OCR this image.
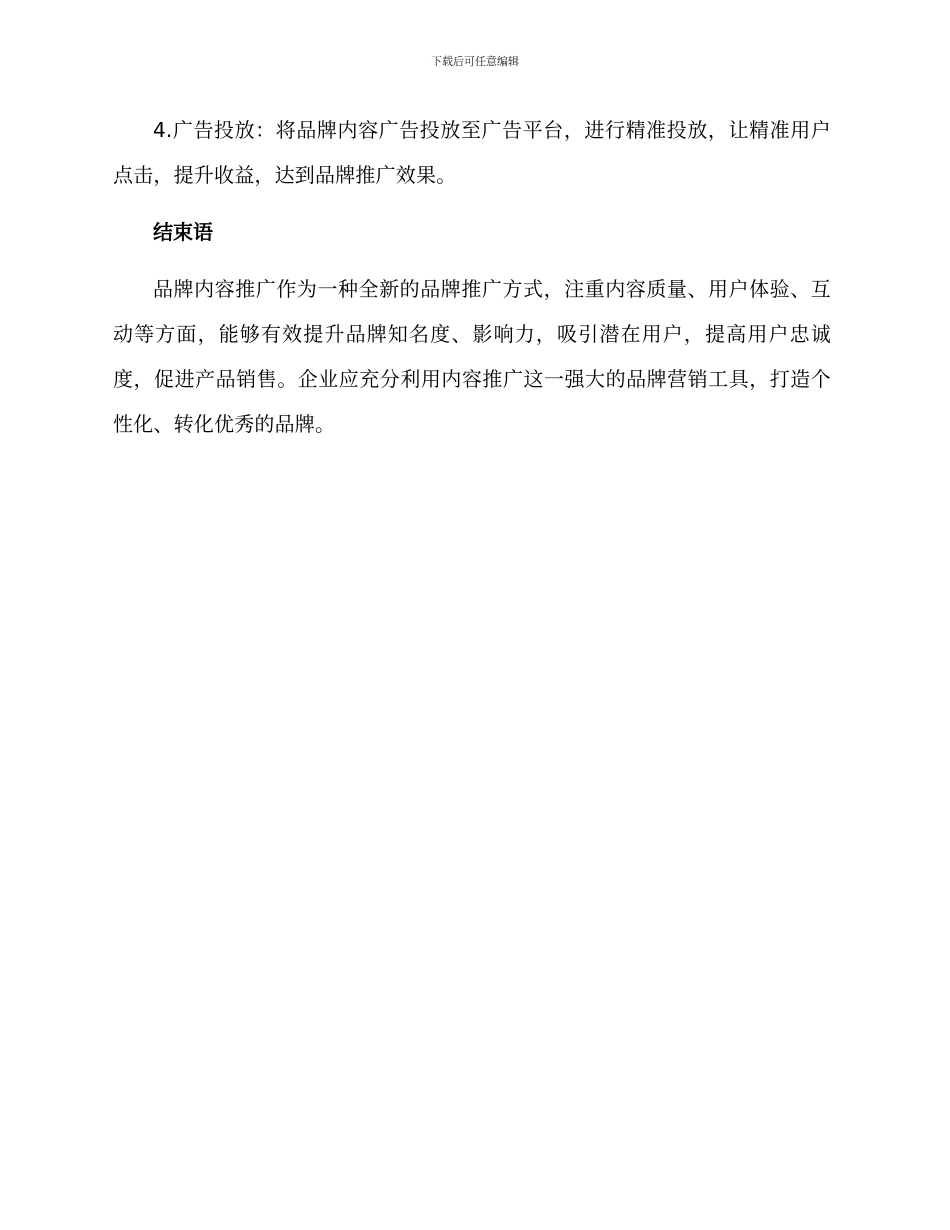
下载后可任意编辑

4.广告投放：将品牌内容广告投放至广告平台，进行精准投放，让精准用户点击，提升收益，达到品牌推广效果。

结束语

品牌内容推广作为一种全新的品牌推广方式，注重内容质量、用户体验、互动等方面，能够有效提升品牌知名度、影响力，吸引潜在用户，提高用户忠诚度，促进产品销售。企业应充分利用内容推广这一强大的品牌营销工具，打造个性化、转化优秀的品牌。
